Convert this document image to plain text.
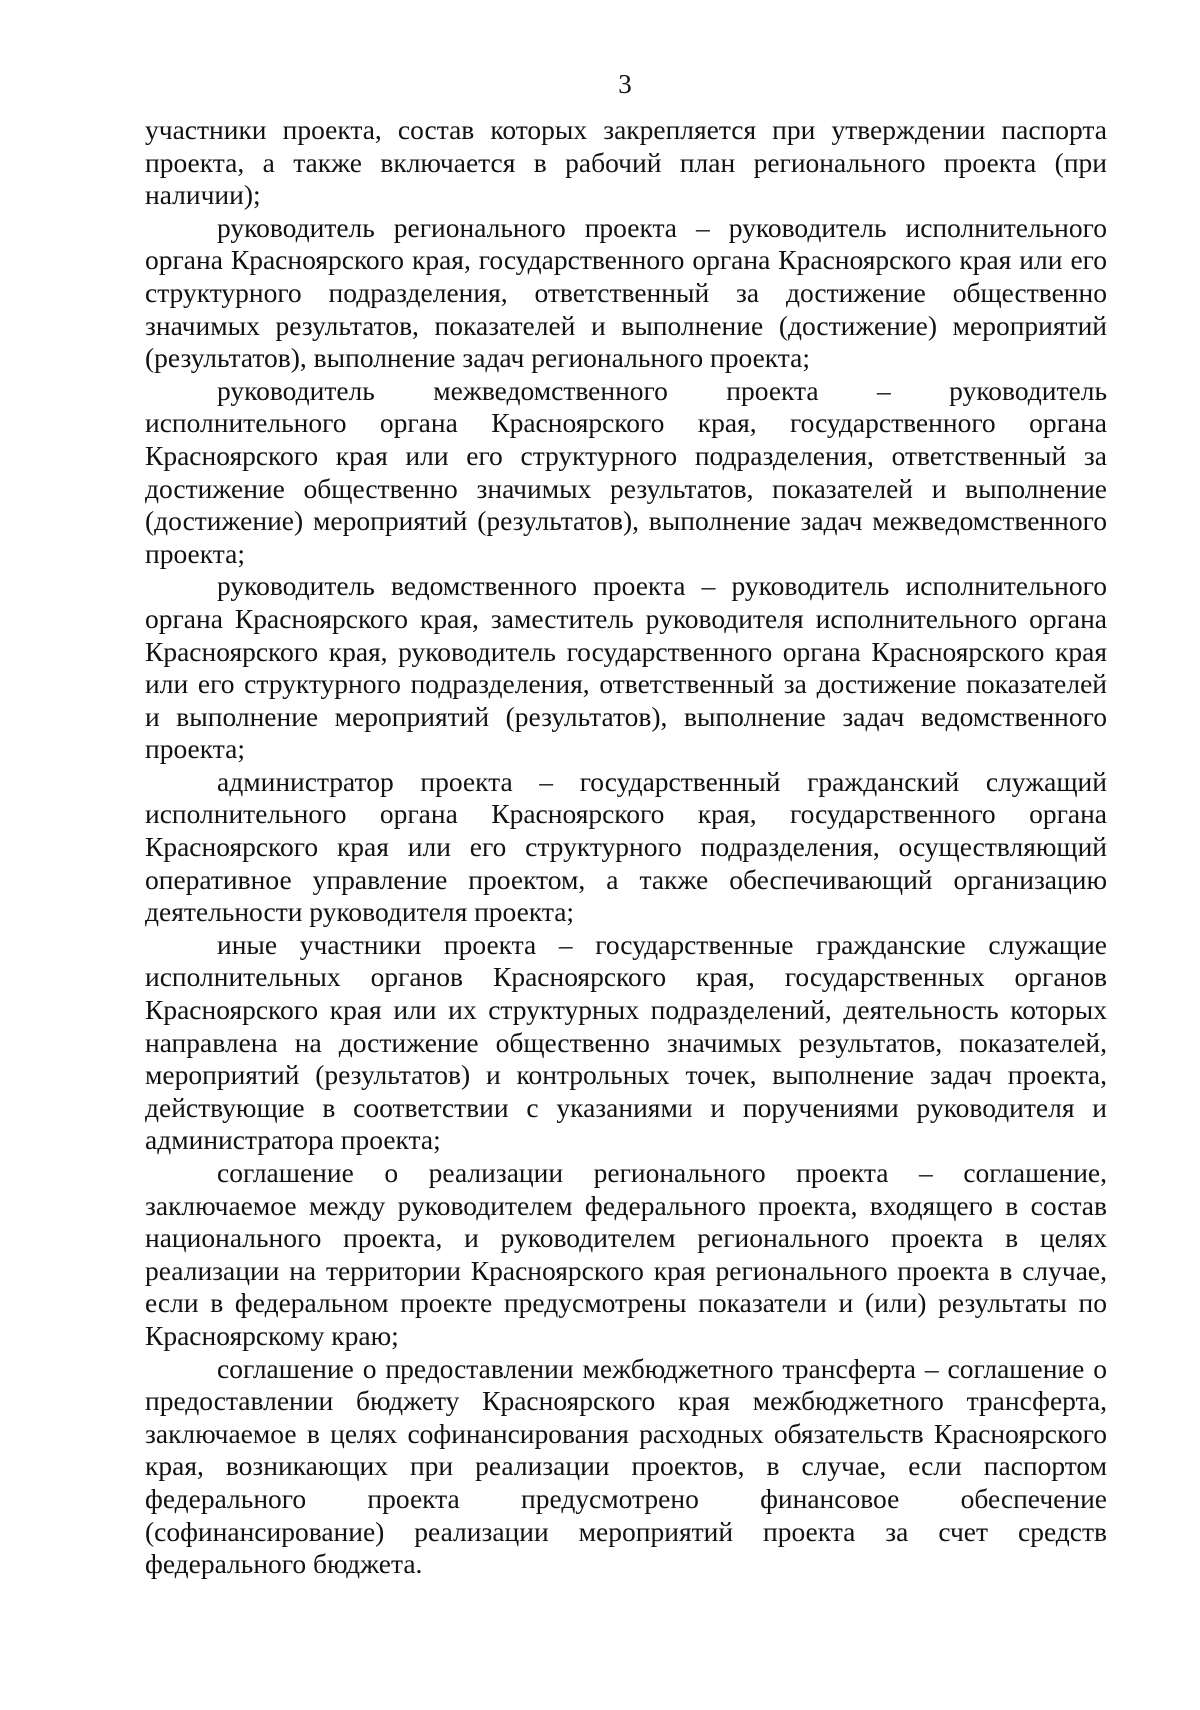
3

участники проекта, состав которых закрепляется при утверждении паспорта проекта, а также включается в рабочий план регионального проекта (при наличии);

руководитель регионального проекта – руководитель исполнительного органа Красноярского края, государственного органа Красноярского края или его структурного подразделения, ответственный за достижение общественно значимых результатов, показателей и выполнение (достижение) мероприятий (результатов), выполнение задач регионального проекта;

руководитель межведомственного проекта – руководитель исполнительного органа Красноярского края, государственного органа Красноярского края или его структурного подразделения, ответственный за достижение общественно значимых результатов, показателей и выполнение (достижение) мероприятий (результатов), выполнение задач межведомственного проекта;

руководитель ведомственного проекта – руководитель исполнительного органа Красноярского края, заместитель руководителя исполнительного органа Красноярского края, руководитель государственного органа Красноярского края или его структурного подразделения, ответственный за достижение показателей и выполнение мероприятий (результатов), выполнение задач ведомственного проекта;

администратор проекта – государственный гражданский служащий исполнительного органа Красноярского края, государственного органа Красноярского края или его структурного подразделения, осуществляющий оперативное управление проектом, а также обеспечивающий организацию деятельности руководителя проекта;

иные участники проекта – государственные гражданские служащие исполнительных органов Красноярского края, государственных органов Красноярского края или их структурных подразделений, деятельность которых направлена на достижение общественно значимых результатов, показателей, мероприятий (результатов) и контрольных точек, выполнение задач проекта, действующие в соответствии с указаниями и поручениями руководителя и администратора проекта;

соглашение о реализации регионального проекта – соглашение, заключаемое между руководителем федерального проекта, входящего в состав национального проекта, и руководителем регионального проекта в целях реализации на территории Красноярского края регионального проекта в случае, если в федеральном проекте предусмотрены показатели и (или) результаты по Красноярскому краю;

соглашение о предоставлении межбюджетного трансферта – соглашение о предоставлении бюджету Красноярского края межбюджетного трансферта, заключаемое в целях софинансирования расходных обязательств Красноярского края, возникающих при реализации проектов, в случае, если паспортом федерального проекта предусмотрено финансовое обеспечение (софинансирование) реализации мероприятий проекта за счет средств федерального бюджета.
